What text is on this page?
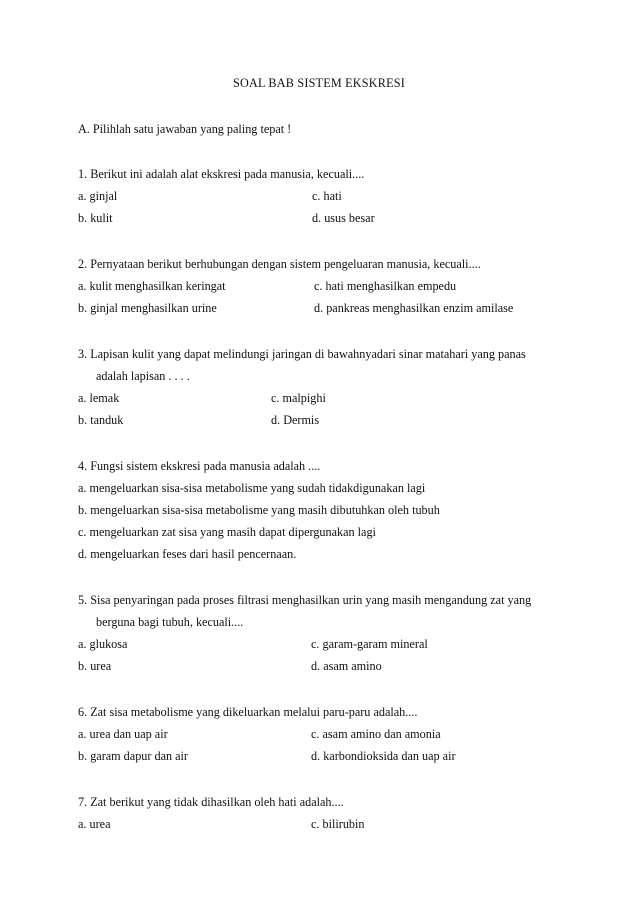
SOAL BAB SISTEM EKSKRESI
A. Pilihlah satu jawaban yang paling tepat !
1. Berikut ini adalah alat ekskresi pada manusia, kecuali....
a. ginjal	c. hati
b. kulit	d. usus besar
2. Pernyataan berikut berhubungan dengan sistem pengeluaran manusia, kecuali....
a. kulit menghasilkan keringat	c. hati menghasilkan empedu
b. ginjal menghasilkan urine	d. pankreas menghasilkan enzim amilase
3. Lapisan kulit yang dapat melindungi jaringan di bawahnyadari sinar matahari yang panas
adalah lapisan . . . .
a. lemak	c. malpighi
b. tanduk	d. Dermis
4. Fungsi sistem ekskresi pada manusia adalah ....
a. mengeluarkan sisa-sisa metabolisme yang sudah tidakdigunakan lagi
b. mengeluarkan sisa-sisa metabolisme yang masih dibutuhkan oleh tubuh
c. mengeluarkan zat sisa yang masih dapat dipergunakan lagi
d. mengeluarkan feses dari hasil pencernaan.
5. Sisa penyaringan pada proses filtrasi menghasilkan urin yang masih mengandung zat yang
berguna bagi tubuh, kecuali....
a. glukosa	c. garam-garam mineral
b. urea	d. asam amino
6. Zat sisa metabolisme yang dikeluarkan melalui paru-paru adalah....
a. urea dan uap air	c. asam amino dan amonia
b. garam dapur dan air	d. karbondioksida dan uap air
7. Zat berikut yang tidak dihasilkan oleh hati adalah....
a. urea	c. bilirubin
